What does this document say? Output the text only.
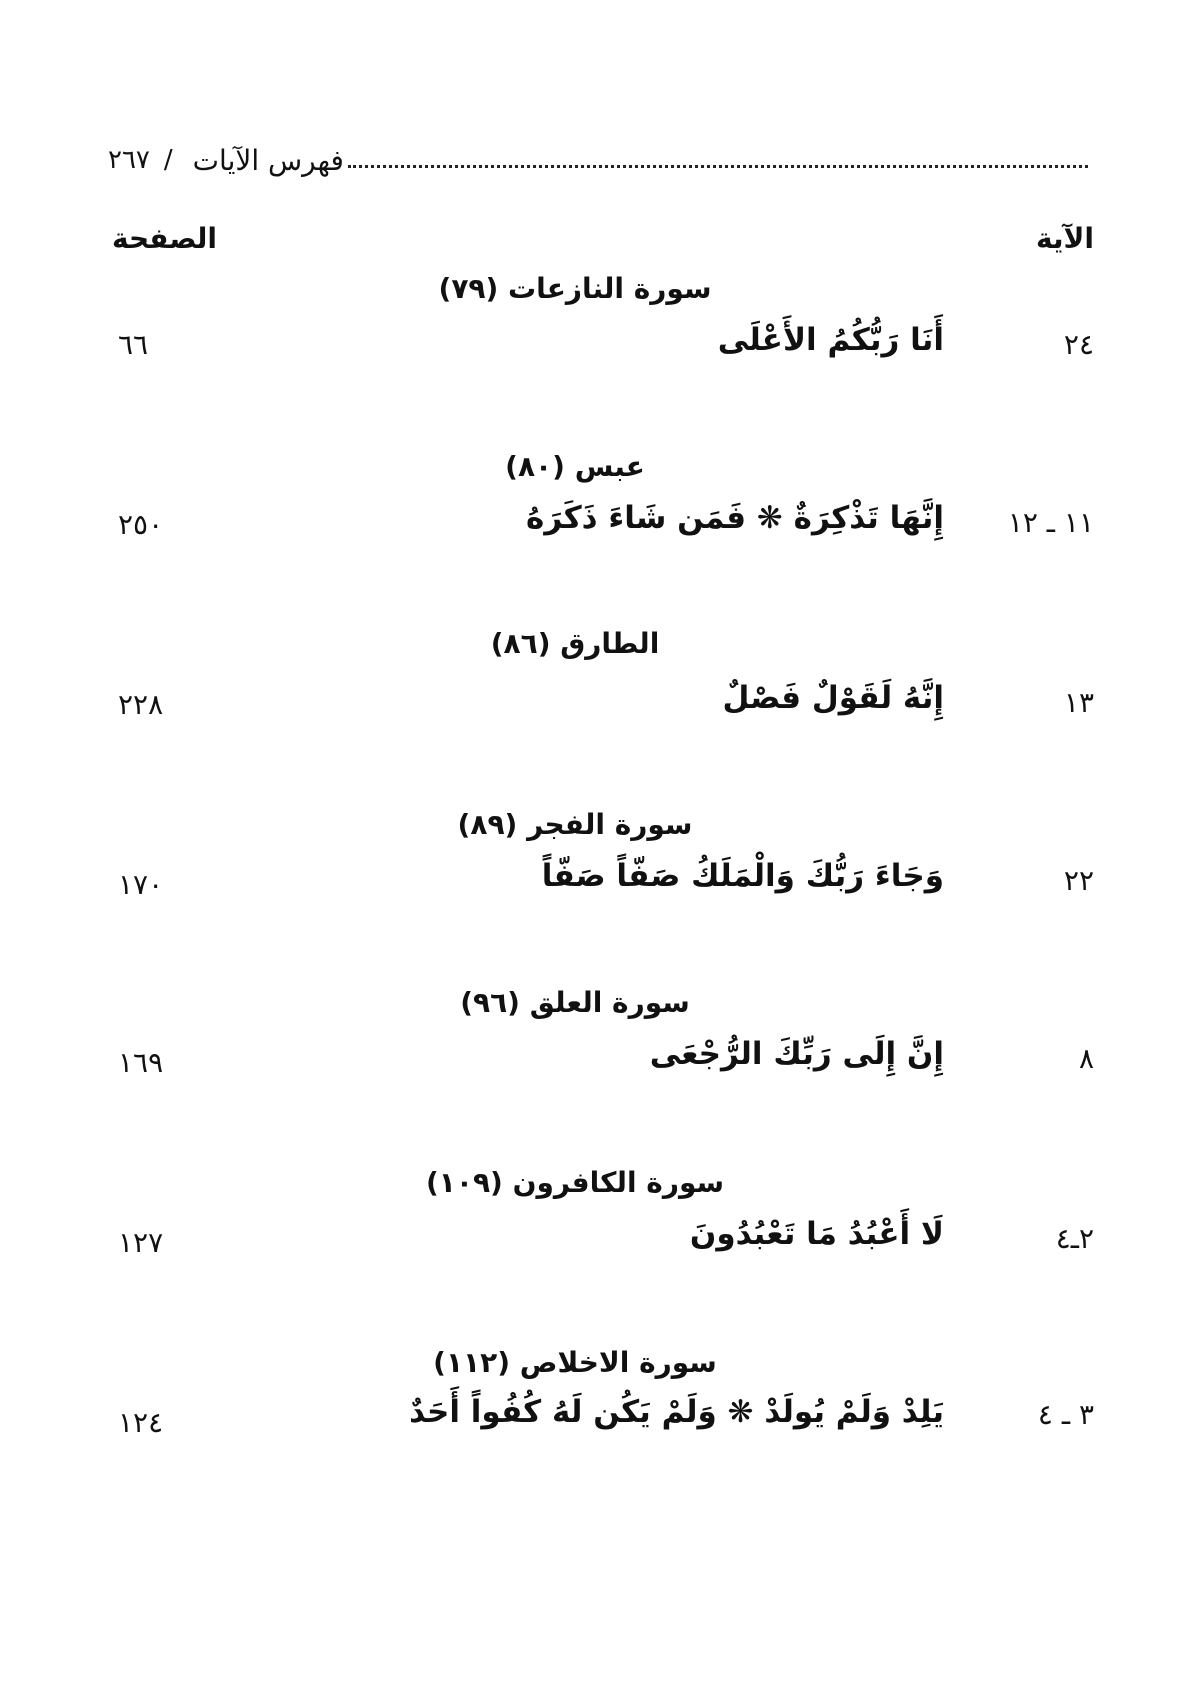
٢٦٧ / فهرس الآيات
الآية
الصفحة
سورة النازعات (٧٩)
٢٤
أَنَا رَبُّكُمُ الأَعْلَى
٦٦
عبس (٨٠)
١١ ـ ١٢
إِنَّهَا تَذْكِرَةٌ ❋ فَمَن شَاءَ ذَكَرَهُ
٢٥٠
الطارق (٨٦)
١٣
إِنَّهُ لَقَوْلٌ فَصْلٌ
٢٢٨
سورة الفجر (٨٩)
٢٢
وَجَاءَ رَبُّكَ وَالْمَلَكُ صَفّاً صَفّاً
١٧٠
سورة العلق (٩٦)
٨
إِنَّ إِلَى رَبِّكَ الرُّجْعَى
١٦٩
سورة الكافرون (١٠٩)
٢ـ٤
لَا أَعْبُدُ مَا تَعْبُدُونَ
١٢٧
سورة الاخلاص (١١٢)
٣ ـ ٤
يَلِدْ وَلَمْ يُولَدْ ❋ وَلَمْ يَكُن لَهُ كُفُواً أَحَدٌ
١٢٤
